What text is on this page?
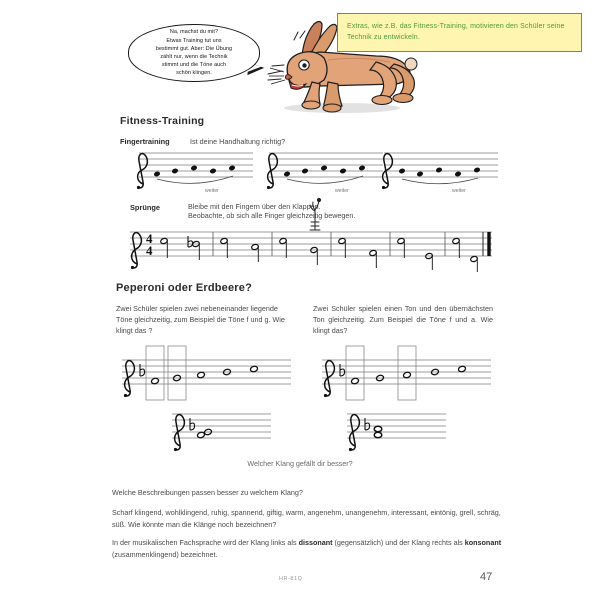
Na, machst du mit?
Etwas Training tut uns
bestimmt gut. Aber: Die Übung
zählt nur, wenn die Technik
stimmt und die Töne auch
schön klingen.
Extras, wie z.B. das Fitness-Training, motivieren den Schüler seine Technik zu entwickeln.
Fitness-Training
Fingertraining	Ist deine Handhaltung richtig?
weiter	weiter	weiter
Sprünge	Bleibe mit den Fingern über den Klappen.
Beobachte, ob sich alle Finger gleichzeitig bewegen.
4
4
Peperoni oder Erdbeere?
Zwei Schüler spielen zwei nebeneinander liegende Töne gleichzeitig, zum Beispiel die Töne f und g. Wie klingt das ?
Zwei Schüler spielen einen Ton und den übernächsten Ton gleichzeitig. Zum Beispiel die Töne f und a. Wie klingt das?
Welcher Klang gefällt dir besser?
Welche Beschreibungen passen besser zu welchem Klang?
Scharf klingend, wohlklingend, ruhig, spannend, giftig, warm, angenehm, unangenehm, interessant, eintönig, grell, schräg, süß. Wie könnte man die Klänge noch bezeichnen?
In der musikalischen Fachsprache wird der Klang links als dissonant (gegensätzlich) und der Klang rechts als konsonant (zusammenklingend) bezeichnet.
HR-81Q	47
